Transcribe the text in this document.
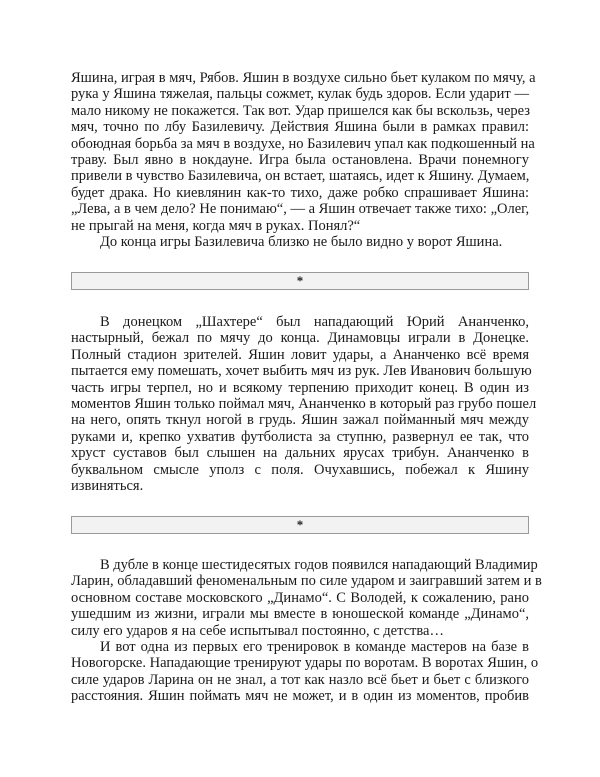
Яшина, играя в мяч, Рябов. Яшин в воздухе сильно бьет кулаком по мячу, а
рука у Яшина тяжелая, пальцы сожмет, кулак будь здоров. Если ударит —
мало никому не покажется. Так вот. Удар пришелся как бы вскользь, через
мяч, точно по лбу Базилевичу. Действия Яшина были в рамках правил:
обоюдная борьба за мяч в воздухе, но Базилевич упал как подкошенный на
траву. Был явно в нокдауне. Игра была остановлена. Врачи понемногу
привели в чувство Базилевича, он встает, шатаясь, идет к Яшину. Думаем,
будет драка. Но киевлянин как-то тихо, даже робко спрашивает Яшина:
„Лева, а в чем дело? Не понимаю“, — а Яшин отвечает также тихо: „Олег,
не прыгай на меня, когда мяч в руках. Понял?“
До конца игры Базилевича близко не было видно у ворот Яшина.
*
В донецком „Шахтере“ был нападающий Юрий Ананченко,
настырный, бежал по мячу до конца. Динамовцы играли в Донецке.
Полный стадион зрителей. Яшин ловит удары, а Ананченко всё время
пытается ему помешать, хочет выбить мяч из рук. Лев Иванович большую
часть игры терпел, но и всякому терпению приходит конец. В один из
моментов Яшин только поймал мяч, Ананченко в который раз грубо пошел
на него, опять ткнул ногой в грудь. Яшин зажал пойманный мяч между
руками и, крепко ухватив футболиста за ступню, развернул ее так, что
хруст суставов был слышен на дальних ярусах трибун. Ананченко в
буквальном смысле уполз с поля. Очухавшись, побежал к Яшину
извиняться.
*
В дубле в конце шестидесятых годов появился нападающий Владимир
Ларин, обладавший феноменальным по силе ударом и заигравший затем и в
основном составе московского „Динамо“. С Володей, к сожалению, рано
ушедшим из жизни, играли мы вместе в юношеской команде „Динамо“,
силу его ударов я на себе испытывал постоянно, с детства…
И вот одна из первых его тренировок в команде мастеров на базе в
Новогорске. Нападающие тренируют удары по воротам. В воротах Яшин, о
силе ударов Ларина он не знал, а тот как назло всё бьет и бьет с близкого
расстояния. Яшин поймать мяч не может, и в один из моментов, пробив
